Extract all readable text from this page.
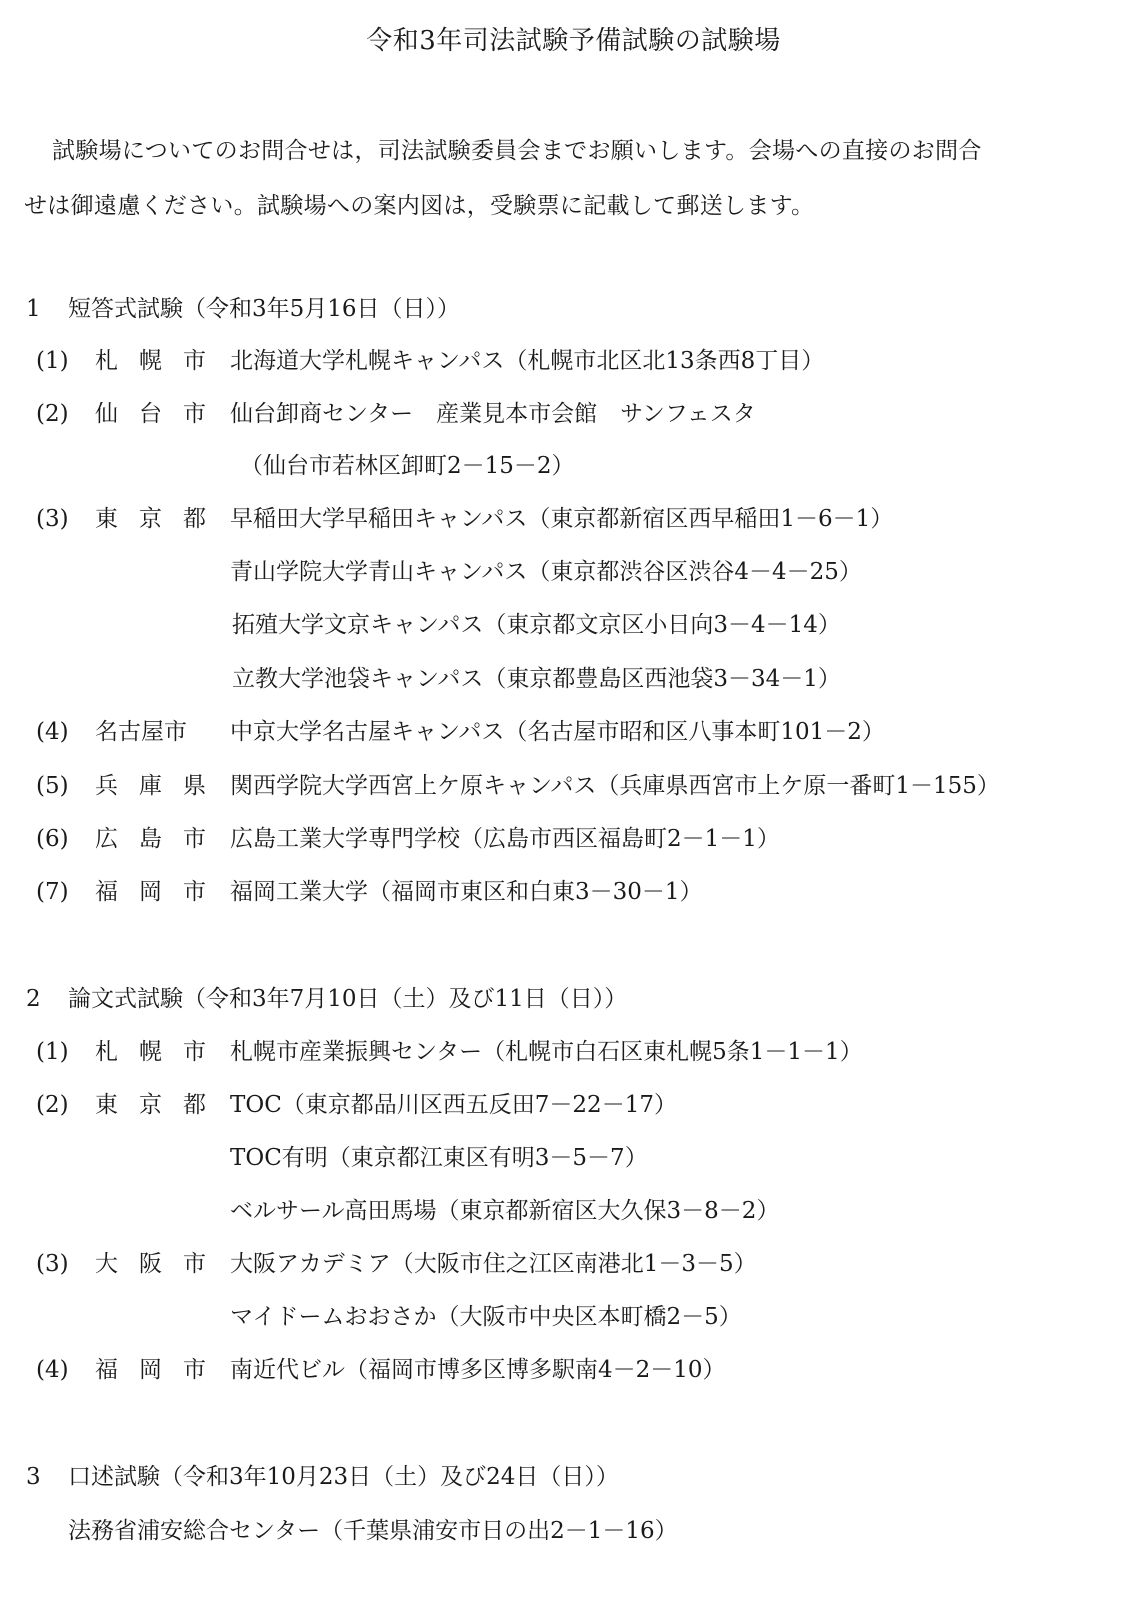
令和3年司法試験予備試験の試験場
試験場についてのお問合せは，司法試験委員会までお願いします。会場への直接のお問合
せは御遠慮ください。試験場への案内図は，受験票に記載して郵送します。
1 短答式試験（令和3年5月16日（日））
(1) 札 幌 市	北海道大学札幌キャンパス（札幌市北区北13条西8丁目）
(2) 仙 台 市	仙台卸商センター　産業見本市会館　サンフェスタ
（仙台市若林区卸町2－15－2）
(3) 東 京 都	早稲田大学早稲田キャンパス（東京都新宿区西早稲田1－6－1）
青山学院大学青山キャンパス（東京都渋谷区渋谷4－4－25）
拓殖大学文京キャンパス（東京都文京区小日向3－4－14）
立教大学池袋キャンパス（東京都豊島区西池袋3－34－1）
(4) 名古屋市 中京大学名古屋キャンパス（名古屋市昭和区八事本町101－2）
(5) 兵 庫 県	関西学院大学西宮上ケ原キャンパス（兵庫県西宮市上ケ原一番町1－155）
(6) 広 島 市	広島工業大学専門学校（広島市西区福島町2－1－1）
(7) 福 岡 市	福岡工業大学（福岡市東区和白東3－30－1）
2 論文式試験（令和3年7月10日（土）及び11日（日））
(1) 札 幌 市	札幌市産業振興センター（札幌市白石区東札幌5条1－1－1）
(2) 東 京 都	TOC（東京都品川区西五反田7－22－17）
TOC有明（東京都江東区有明3－5－7）
ベルサール高田馬場（東京都新宿区大久保3－8－2）
(3) 大 阪 市	大阪アカデミア（大阪市住之江区南港北1－3－5）
マイドームおおさか（大阪市中央区本町橋2－5）
(4) 福 岡 市	南近代ビル（福岡市博多区博多駅南4－2－10）
3 口述試験（令和3年10月23日（土）及び24日（日））
法務省浦安総合センター（千葉県浦安市日の出2－1－16）
